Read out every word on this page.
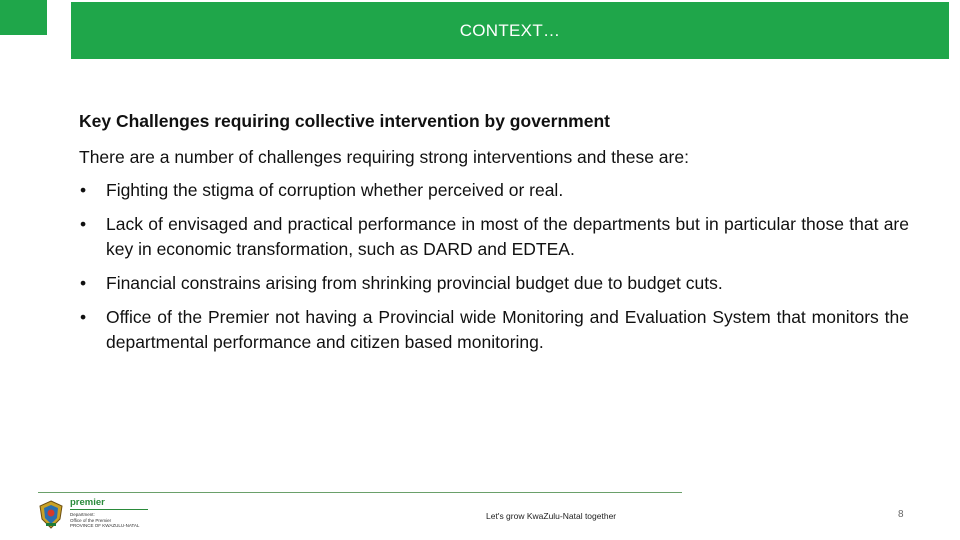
CONTEXT…

Key Challenges requiring collective intervention by government

There are a number of challenges requiring strong interventions and these are:

• Fighting the stigma of corruption whether perceived or real.
• Lack of envisaged and practical performance in most of the departments but in particular those that are key in economic transformation, such as DARD and EDTEA.
• Financial constrains arising from shrinking provincial budget due to budget cuts.
• Office of the Premier not having a Provincial wide Monitoring and Evaluation System that monitors the departmental performance and citizen based monitoring.
premier
Department:
Office of the Premier
PROVINCE OF KWAZULU-NATAL
Let's grow KwaZulu-Natal together	8
